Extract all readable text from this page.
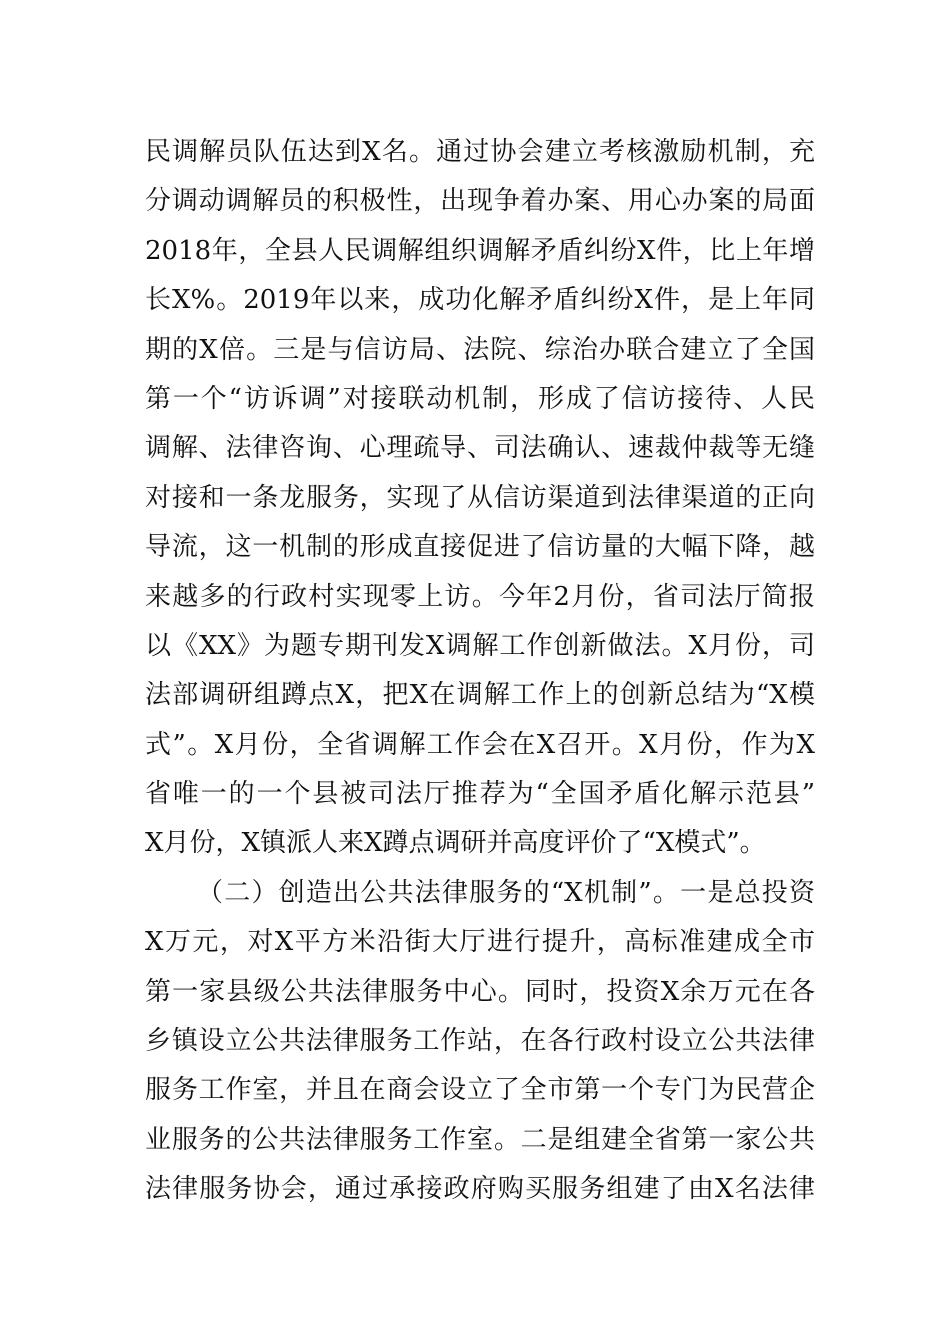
民调解员队伍达到X名。通过协会建立考核激励机制，充
分调动调解员的积极性，出现争着办案、用心办案的局面
2018年，全县人民调解组织调解矛盾纠纷X件，比上年增
长X%。2019年以来，成功化解矛盾纠纷X件，是上年同
期的X倍。三是与信访局、法院、综治办联合建立了全国
第一个“访诉调”对接联动机制，形成了信访接待、人民
调解、法律咨询、心理疏导、司法确认、速裁仲裁等无缝
对接和一条龙服务，实现了从信访渠道到法律渠道的正向
导流，这一机制的形成直接促进了信访量的大幅下降，越
来越多的行政村实现零上访。今年2月份，省司法厅简报
以《XX》为题专期刊发X调解工作创新做法。X月份，司
法部调研组蹲点X，把X在调解工作上的创新总结为“X模
式”。X月份，全省调解工作会在X召开。X月份，作为X
省唯一的一个县被司法厅推荐为“全国矛盾化解示范县”
X月份，X镇派人来X蹲点调研并高度评价了“X模式”。
（二）创造出公共法律服务的“X机制”。一是总投资
X万元，对X平方米沿街大厅进行提升，高标准建成全市
第一家县级公共法律服务中心。同时，投资X余万元在各
乡镇设立公共法律服务工作站，在各行政村设立公共法律
服务工作室，并且在商会设立了全市第一个专门为民营企
业服务的公共法律服务工作室。二是组建全省第一家公共
法律服务协会，通过承接政府购买服务组建了由X名法律
